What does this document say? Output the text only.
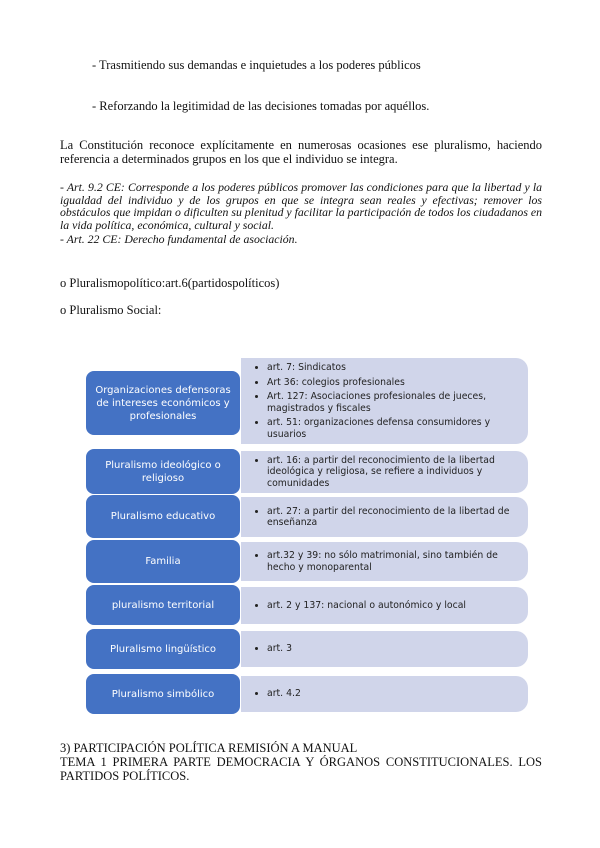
- Trasmitiendo sus demandas e inquietudes a los poderes públicos
- Reforzando la legitimidad de las decisiones tomadas por aquéllos.
La Constitución reconoce explícitamente en numerosas ocasiones ese pluralismo, haciendo referencia a determinados grupos en los que el individuo se integra.
- Art. 9.2 CE: Corresponde a los poderes públicos promover las condiciones para que la libertad y la igualdad del individuo y de los grupos en que se integra sean reales y efectivas; remover los obstáculos que impidan o dificulten su plenitud y facilitar la participación de todos los ciudadanos en la vida política, económica, cultural y social.
- Art. 22 CE: Derecho fundamental de asociación.
o Pluralismopolítico:art.6(partidospolíticos)
o Pluralismo Social:
• art. 7: Sindicatos
• Art 36: colegios profesionales
• Art. 127: Asociaciones profesionales de jueces, magistrados y fiscales
• art. 51: organizaciones defensa consumidores y usuarios
Organizaciones defensoras de intereses económicos y profesionales
• art. 16: a partir del reconocimiento de la libertad ideológica y religiosa, se refiere a individuos y comunidades
Pluralismo ideológico o religioso
• art. 27: a partir del reconocimiento de la libertad de enseñanza
Pluralismo educativo
• art.32 y 39: no sólo matrimonial, sino también de hecho y monoparental
Familia
• art. 2 y 137: nacional o autonómico y local
pluralismo territorial
• art. 3
Pluralismo lingüístico
• art. 4.2
Pluralismo simbólico
3) PARTICIPACIÓN POLÍTICA REMISIÓN A MANUAL
TEMA 1 PRIMERA PARTE DEMOCRACIA Y ÓRGANOS CONSTITUCIONALES. LOS PARTIDOS POLÍTICOS.
